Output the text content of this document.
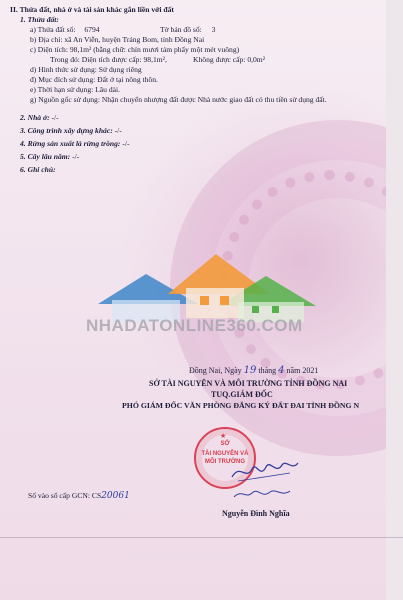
II. Thửa đất, nhà ở và tài sản khác gắn liền với đất
1. Thửa đất:
a) Thửa đất số: 6794	Tờ bản đồ số: 3
b) Địa chỉ: xã An Viễn, huyện Trảng Bom, tỉnh Đồng Nai
c) Diện tích: 98,1m² (bằng chữ: chín mươi tám phẩy một mét vuông)
Trong đó: Diện tích được cấp: 98,1m²,	Không được cấp: 0,0m²
d) Hình thức sử dụng: Sử dụng riêng
đ) Mục đích sử dụng: Đất ở tại nông thôn.
e) Thời hạn sử dụng: Lâu dài.
g) Nguồn gốc sử dụng: Nhận chuyển nhượng đất được Nhà nước giao đất có thu tiền sử dụng đất.
2. Nhà ở: -/-
3. Công trình xây dựng khác: -/-
4. Rừng sản xuất là rừng trồng: -/-
5. Cây lâu năm: -/-
6. Ghi chú:
NHADATONLINE360.COM
Đồng Nai, Ngày 19 tháng 4 năm 2021
SỞ TÀI NGUYÊN VÀ MÔI TRƯỜNG TỈNH ĐỒNG NAI
TUQ.GIÁM ĐỐC
PHÓ GIÁM ĐỐC VĂN PHÒNG ĐĂNG KÝ ĐẤT ĐAI TỈNH ĐỒNG N
★
SỞ
TÀI NGUYÊN VÀ
MÔI TRƯỜNG
Nguyễn Đình Nghĩa
Số vào sổ cấp GCN: CS20061
